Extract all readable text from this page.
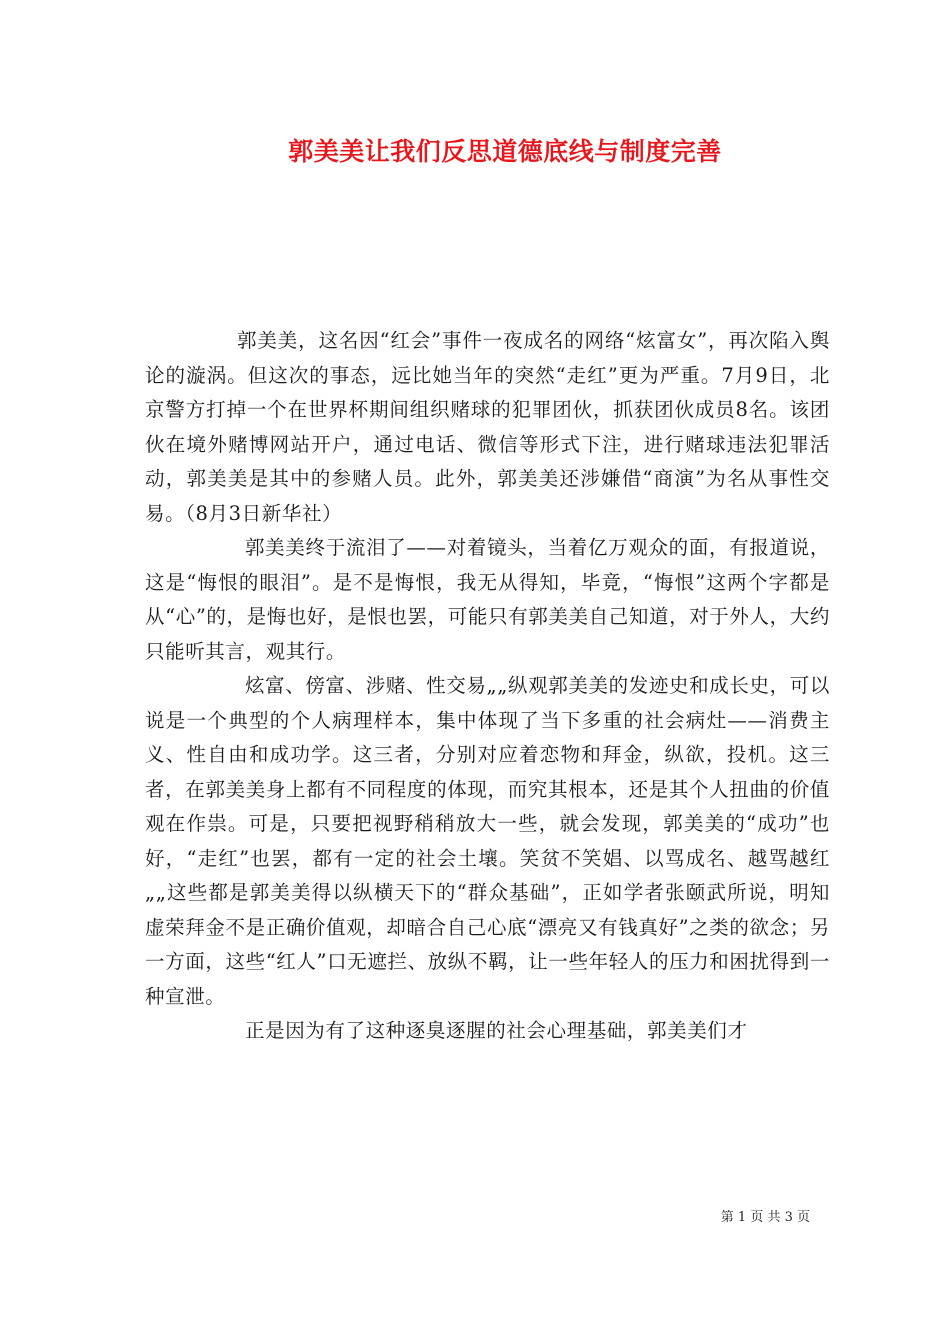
郭美美让我们反思道德底线与制度完善

郭美美，这名因“红会”事件一夜成名的网络“炫富女”，再次陷入舆论的漩涡。但这次的事态，远比她当年的突然“走红”更为严重。7月9日，北京警方打掉一个在世界杯期间组织赌球的犯罪团伙，抓获团伙成员8名。该团伙在境外赌博网站开户，通过电话、微信等形式下注，进行赌球违法犯罪活动，郭美美是其中的参赌人员。此外，郭美美还涉嫌借“商演”为名从事性交易。（8月3日新华社）

郭美美终于流泪了——对着镜头，当着亿万观众的面，有报道说，这是“悔恨的眼泪”。是不是悔恨，我无从得知，毕竟，“悔恨”这两个字都是从“心”的，是悔也好，是恨也罢，可能只有郭美美自己知道，对于外人，大约只能听其言，观其行。

炫富、傍富、涉赌、性交易„„纵观郭美美的发迹史和成长史，可以说是一个典型的个人病理样本，集中体现了当下多重的社会病灶——消费主义、性自由和成功学。这三者，分别对应着恋物和拜金，纵欲，投机。这三者，在郭美美身上都有不同程度的体现，而究其根本，还是其个人扭曲的价值观在作祟。可是，只要把视野稍稍放大一些，就会发现，郭美美的“成功”也好，“走红”也罢，都有一定的社会土壤。笑贫不笑娼、以骂成名、越骂越红„„这些都是郭美美得以纵横天下的“群众基础”，正如学者张颐武所说，明知虚荣拜金不是正确价值观，却暗合自己心底“漂亮又有钱真好”之类的欲念；另一方面，这些“红人”口无遮拦、放纵不羁，让一些年轻人的压力和困扰得到一种宣泄。

正是因为有了这种逐臭逐腥的社会心理基础，郭美美们才

第 1 页 共 3 页
